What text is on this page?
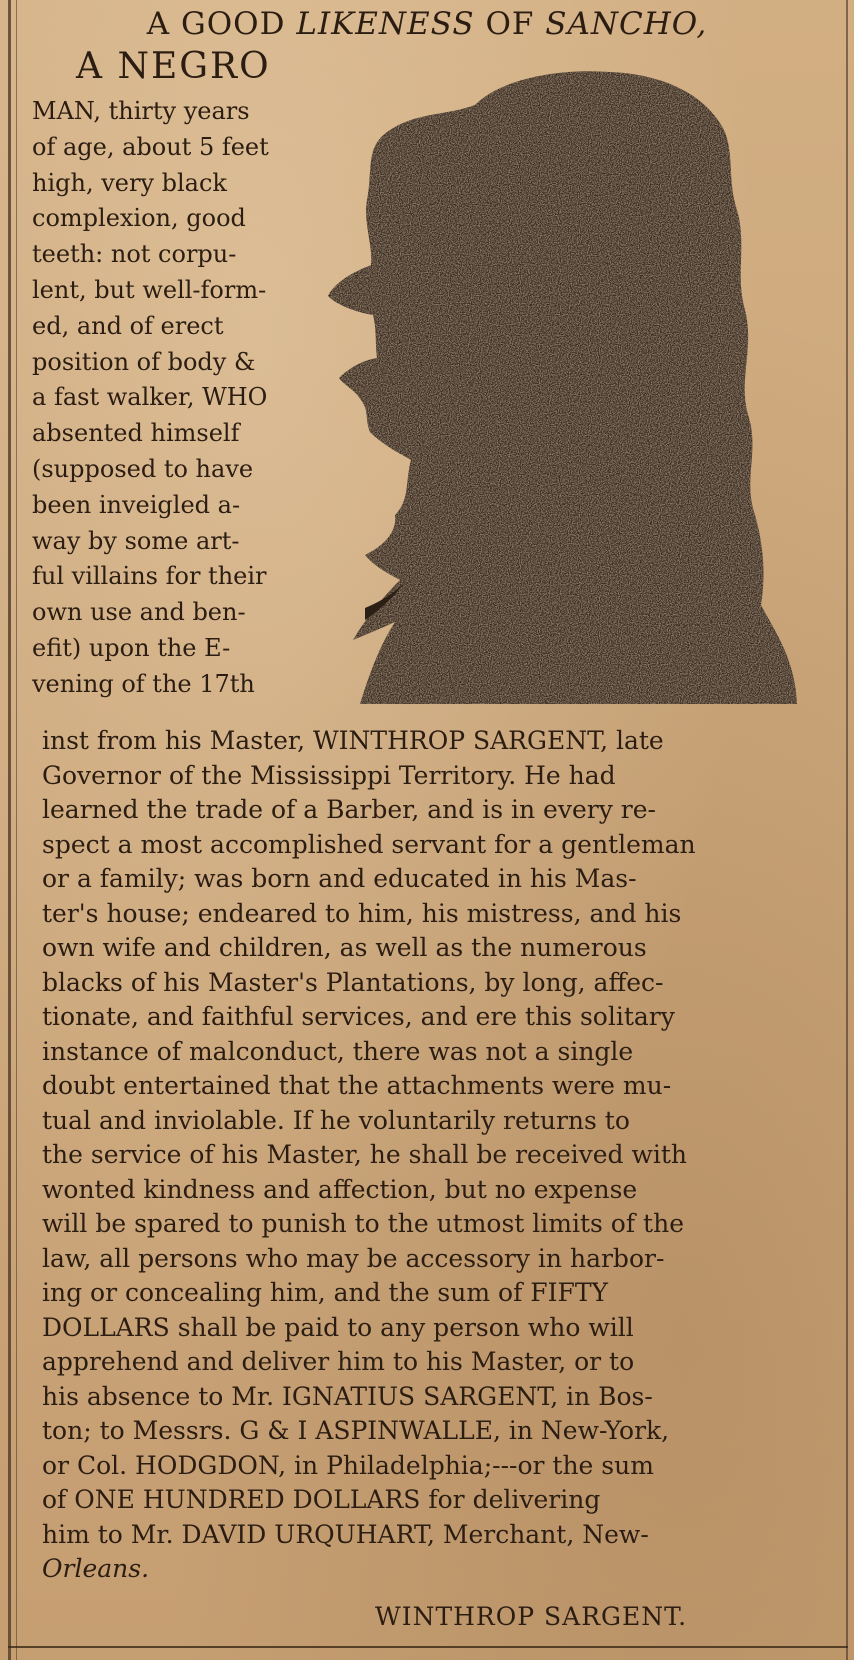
A GOOD LIKENESS OF SANCHO,
A NEGRO
MAN, thirty years
of age, about 5 feet
high, very black
complexion, good
teeth: not corpu-
lent, but well-form-
ed, and of erect
position of body &
a fast walker, WHO
absented himself
(supposed to have
been inveigled a-
way by some art-
ful villains for their
own use and ben-
efit) upon the E-
vening of the 17th
inst from his Master, WINTHROP SARGENT, late
Governor of the Mississippi Territory. He had
learned the trade of a Barber, and is in every re-
spect a most accomplished servant for a gentleman
or a family; was born and educated in his Mas-
ter's house; endeared to him, his mistress, and his
own wife and children, as well as the numerous
blacks of his Master's Plantations, by long, affec-
tionate, and faithful services, and ere this solitary
instance of malconduct, there was not a single
doubt entertained that the attachments were mu-
tual and inviolable. If he voluntarily returns to
the service of his Master, he shall be received with
wonted kindness and affection, but no expense
will be spared to punish to the utmost limits of the
law, all persons who may be accessory in harbor-
ing or concealing him, and the sum of FIFTY
DOLLARS shall be paid to any person who will
apprehend and deliver him to his Master, or to
his absence to Mr. IGNATIUS SARGENT, in Bos-
ton; to Messrs. G & I ASPINWALLE, in New-York,
or Col. HODGDON, in Philadelphia;---or the sum
of ONE HUNDRED DOLLARS for delivering
him to Mr. DAVID URQUHART, Merchant, New-
Orleans.
WINTHROP SARGENT.
